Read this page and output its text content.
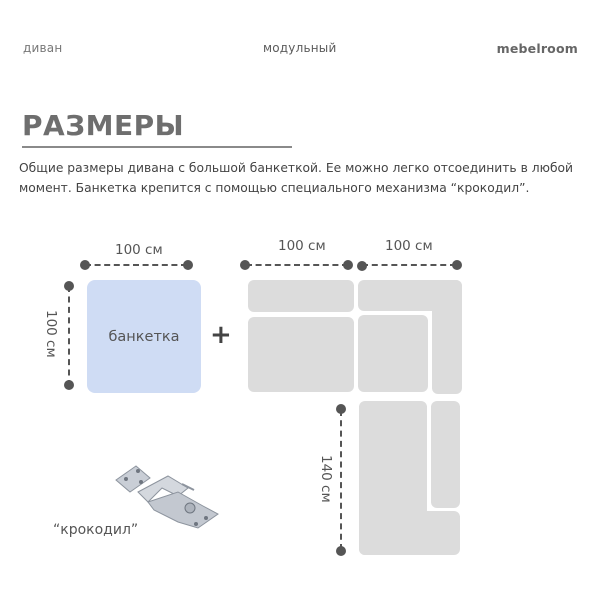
диван	модульный	mebelroom
РАЗМЕРЫ
Общие размеры дивана с большой банкеткой. Ее можно легко отсоединить в любой момент. Банкетка крепится с помощью специального механизма “крокодил”.
100 см
100 см	банкетка +
100 см	100 см
140 см
“крокодил”
